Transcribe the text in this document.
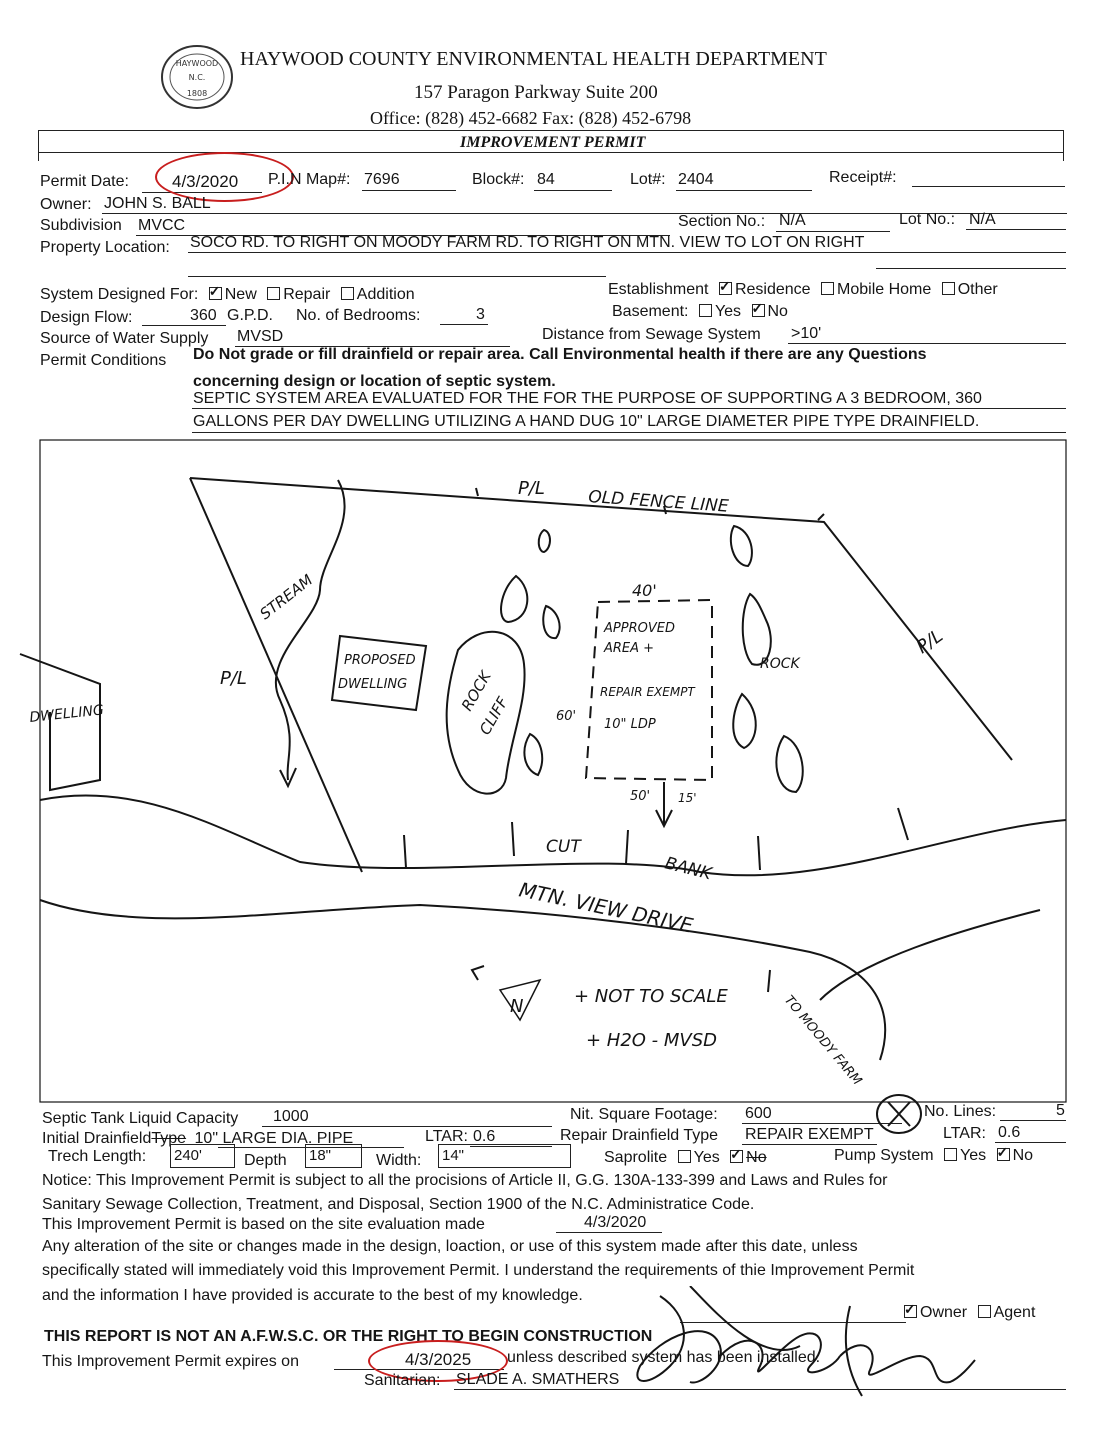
HAYWOOD
N.C.
1808
HAYWOOD COUNTY ENVIRONMENTAL HEALTH DEPARTMENT
157 Paragon Parkway Suite 200
Office: (828) 452-6682 Fax: (828) 452-6798
IMPROVEMENT PERMIT
Permit Date:	4/3/2020 P.I.N Map#: 7696	Block#: 84	Lot#: 2404	Receipt#:
Owner: JOHN S. BALL
Subdivision MVCC	Section No.: N/A	Lot No.: N/A
Property Location: SOCO RD. TO RIGHT ON MOODY FARM RD. TO RIGHT ON MTN. VIEW TO LOT ON RIGHT
System Designed For: ✓ New Repair Addition	Establishment ✓ Residence Mobile Home Other
Design Flow:	360 G.P.D. No. of Bedrooms:	3	Basement: Yes ✓ No
Source of Water Supply MVSD	Distance from Sewage System >10'
Permit Conditions Do Not grade or fill drainfield or repair area. Call Environmental health if there are any Questions
concerning design or location of septic system.
SEPTIC SYSTEM AREA EVALUATED FOR THE FOR THE PURPOSE OF SUPPORTING A 3 BEDROOM, 360
GALLONS PER DAY DWELLING UTILIZING A HAND DUG 10" LARGE DIAMETER PIPE TYPE DRAINFIELD.
P/L	OLD FENCE LINE
STREAM
P/L
P/L
PROPOSED
DWELLING
DWELLING
ROCK
CLIFF
ROCK
40'
60'
APPROVED
AREA +
REPAIR EXEMPT
10" LDP
50' 15'
CUT
BANK
MTN. VIEW DRIVE
N	+ NOT TO SCALE
+ H2O - MVSD	TO MOODY FARM
Septic Tank Liquid Capacity 1000	Nit. Square Footage: 600	No. Lines:	5
Initial DrainfieldType 10" LARGE DIA. PIPE	LTAR: 0.6	Repair Drainfield Type REPAIR EXEMPT	LTAR: 0.6
Trech Length: 240'	Depth 18"	Width: 14"	Saprolite Yes ✓ No	Pump System Yes ✓ No
Notice: This Improvement Permit is subject to all the procisions of Article II, G.G. 130A-133-399 and Laws and Rules for
Sanitary Sewage Collection, Treatment, and Disposal, Section 1900 of the N.C. Administratice Code.
This Improvement Permit is based on the site evaluation made	4/3/2020
Any alteration of the site or changes made in the design, loaction, or use of this system made after this date, unless
specifically stated will immediately void this Improvement Permit. I understand the requirements of thie Improvement Permit
and the information I have provided is accurate to the best of my knowledge.
✓Owner Agent
THIS REPORT IS NOT AN A.F.W.S.C. OR THE RIGHT TO BEGIN CONSTRUCTION
This Improvement Permit expires on	4/3/2025 unless described system has been installed.
Sanitarian: SLADE A. SMATHERS
